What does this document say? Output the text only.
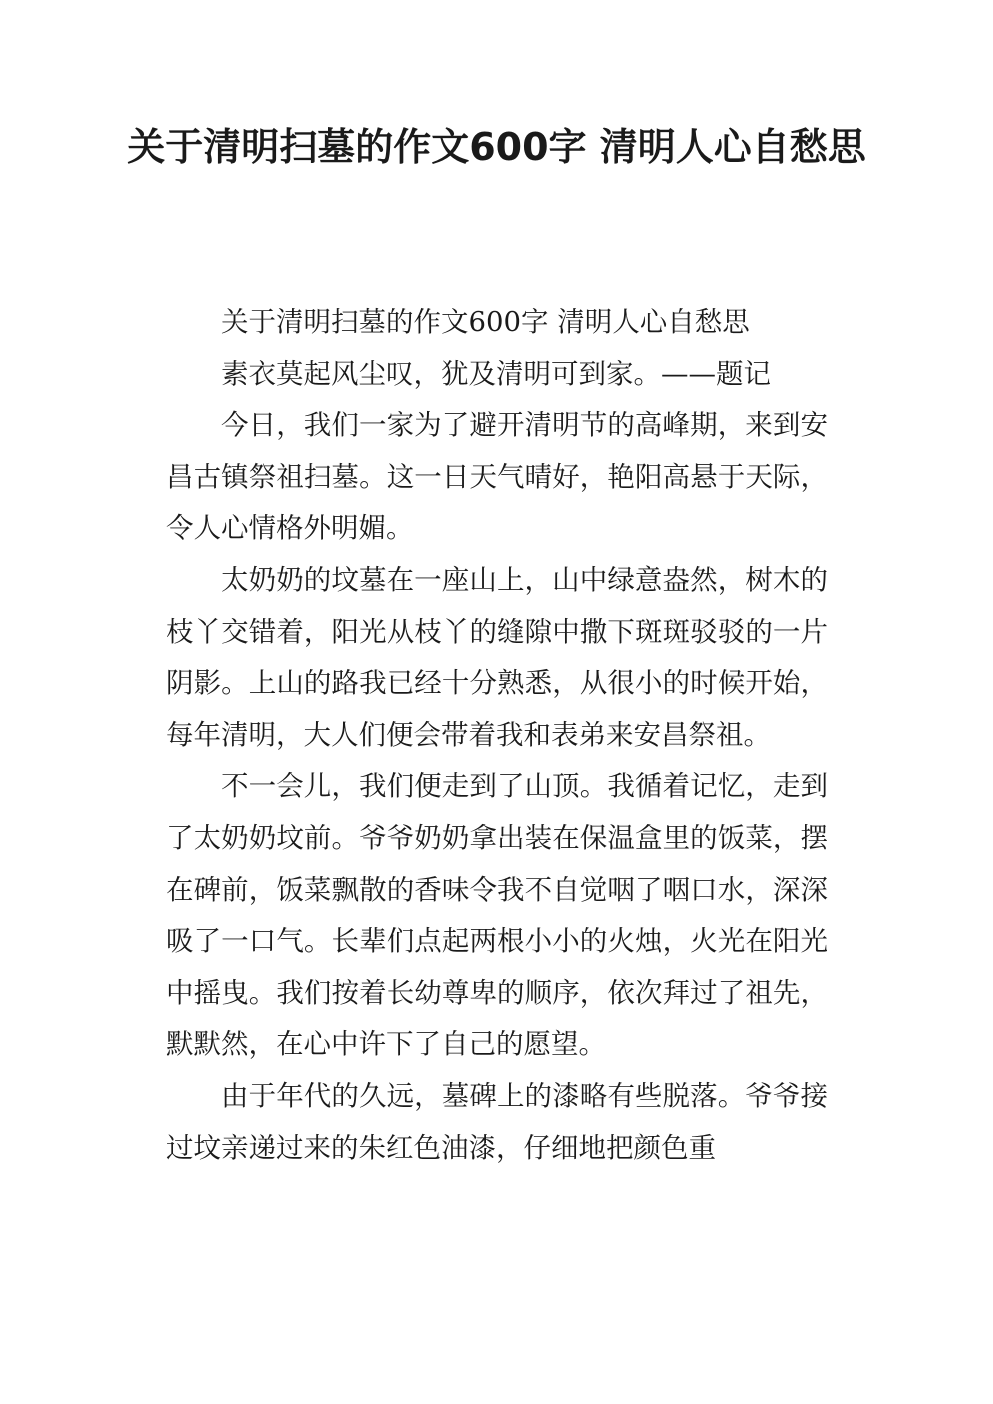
关于清明扫墓的作文600字 清明人心自愁思

关于清明扫墓的作文600字 清明人心自愁思

素衣莫起风尘叹，犹及清明可到家。——题记

今日，我们一家为了避开清明节的高峰期，来到安昌古镇祭祖扫墓。这一日天气晴好，艳阳高悬于天际，令人心情格外明媚。

太奶奶的坟墓在一座山上，山中绿意盎然，树木的枝丫交错着，阳光从枝丫的缝隙中撒下斑斑驳驳的一片阴影。上山的路我已经十分熟悉，从很小的时候开始，每年清明，大人们便会带着我和表弟来安昌祭祖。

不一会儿，我们便走到了山顶。我循着记忆，走到了太奶奶坟前。爷爷奶奶拿出装在保温盒里的饭菜，摆在碑前，饭菜飘散的香味令我不自觉咽了咽口水，深深吸了一口气。长辈们点起两根小小的火烛，火光在阳光中摇曳。我们按着长幼尊卑的顺序，依次拜过了祖先，默默然，在心中许下了自己的愿望。

由于年代的久远，墓碑上的漆略有些脱落。爷爷接过坟亲递过来的朱红色油漆，仔细地把颜色重
